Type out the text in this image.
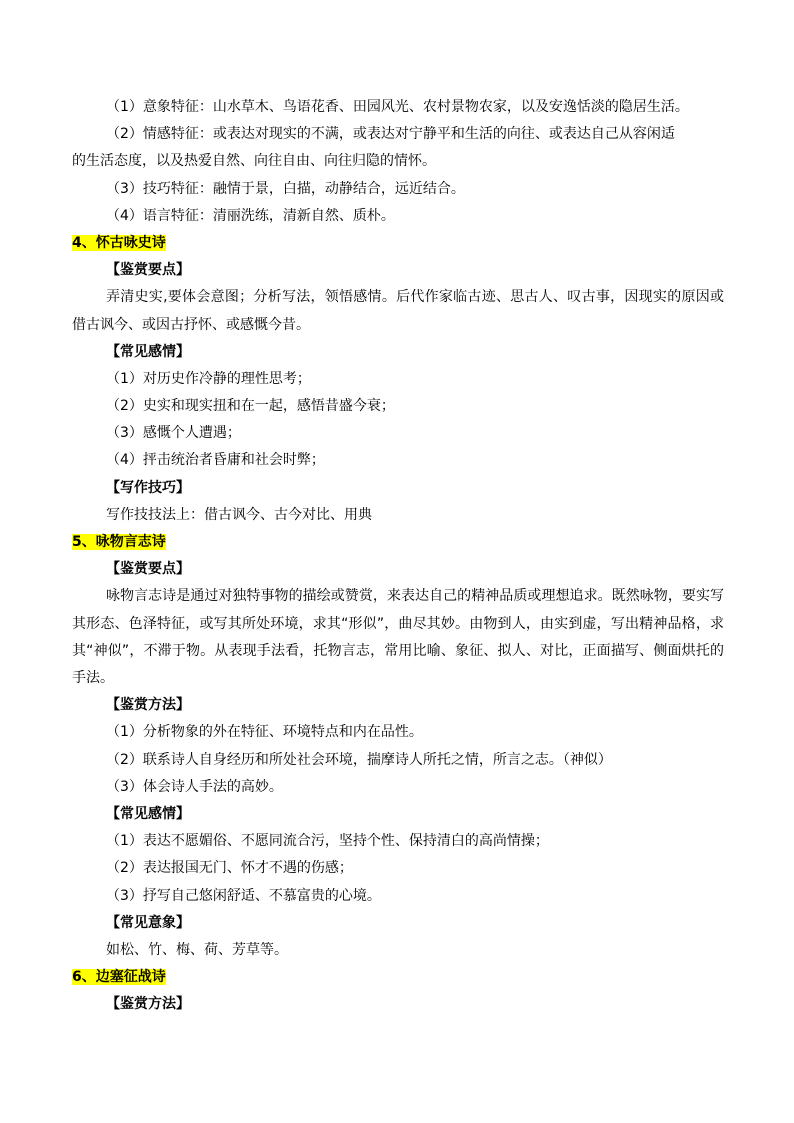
（1）意象特征：山水草木、鸟语花香、田园风光、农村景物农家，以及安逸恬淡的隐居生活。
（2）情感特征：或表达对现实的不满，或表达对宁静平和生活的向往、或表达自己从容闲适
的生活态度，以及热爱自然、向往自由、向往归隐的情怀。
（3）技巧特征：融情于景，白描，动静结合，远近结合。
（4）语言特征：清丽洗练，清新自然、质朴。
4、怀古咏史诗
【鉴赏要点】

弄清史实,要体会意图；分析写法，领悟感情。后代作家临古迹、思古人、叹古事，因现实的原因或借古讽今、或因古抒怀、或感慨今昔。

【常见感情】
（1）对历史作冷静的理性思考；
（2）史实和现实扭和在一起，感悟昔盛今衰；
（3）感慨个人遭遇；
（4）抨击统治者昏庸和社会时弊；
【写作技巧】
写作技技法上：借古讽今、古今对比、用典
5、咏物言志诗
【鉴赏要点】

咏物言志诗是通过对独特事物的描绘或赞赏，来表达自己的精神品质或理想追求。既然咏物，要实写其形态、色泽特征，或写其所处环境，求其“形似”，曲尽其妙。由物到人，由实到虚，写出精神品格，求其“神似”，不滞于物。从表现手法看，托物言志，常用比喻、象征、拟人、对比，正面描写、侧面烘托的手法。

【鉴赏方法】
（1）分析物象的外在特征、环境特点和内在品性。
（2）联系诗人自身经历和所处社会环境，揣摩诗人所托之情，所言之志。（神似）
（3）体会诗人手法的高妙。
【常见感情】
（1）表达不愿媚俗、不愿同流合污，坚持个性、保持清白的高尚情操；
（2）表达报国无门、怀才不遇的伤感；
（3）抒写自己悠闲舒适、不慕富贵的心境。
【常见意象】
如松、竹、梅、荷、芳草等。
6、边塞征战诗
【鉴赏方法】
